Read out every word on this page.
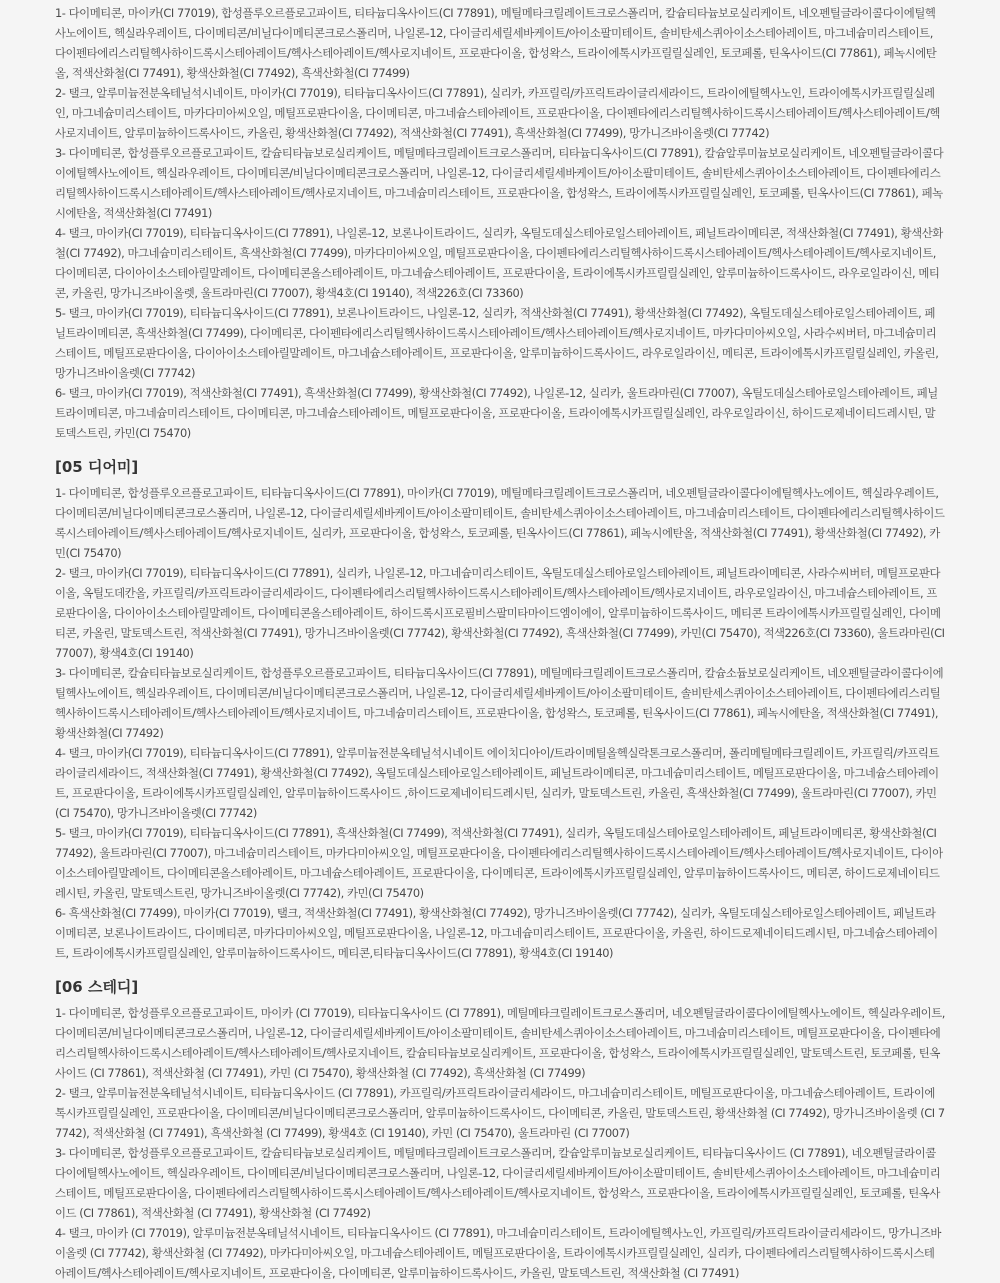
1- 다이메티콘, 마이카(CI 77019), 합성플루오르플로고파이트, 티타늄디옥사이드(CI 77891), 메틸메타크릴레이트크로스폴리머, 칼슘티타늄보로실리케이트, 네오펜틸글라이콜다이에틸헥사노에이트, 헥실라우레이트, 다이메티콘/비닐다이메티콘크로스폴리머, 나일론-12, 다이글리세릴세바케이트/아이소팔미테이트, 솔비탄세스퀴아이소스테아레이트, 마그네슘미리스테이트, 다이펜타에리스리틸헥사하이드록시스테아레이트/헥사스테아레이트/헥사로지네이트, 프로판다이올, 합성왁스, 트라이에톡시카프릴릴실레인, 토코페롤, 틴옥사이드(CI 77861), 페녹시에탄올, 적색산화철(CI 77491), 황색산화철(CI 77492), 흑색산화철(CI 77499)

2- 탤크, 알루미늄전분옥테닐석시네이트, 마이카(CI 77019), 티타늄디옥사이드(CI 77891), 실리카, 카프릴릭/카프릭트라이글리세라이드, 트라이에틸헥사노인, 트라이에톡시카프릴릴실레인, 마그네슘미리스테이트, 마카다미아씨오일, 메틸프로판다이올, 다이메티콘, 마그네슘스테아레이트, 프로판다이올, 다이펜타에리스리틸헥사하이드록시스테아레이트/헥사스테아레이트/헥사로지네이트, 알루미늄하이드록사이드, 카올린, 황색산화철(CI 77492), 적색산화철(CI 77491), 흑색산화철(CI 77499), 망가니즈바이올렛(CI 77742)

3- 다이메티콘, 합성플루오르플로고파이트, 칼슘티타늄보로실리케이트, 메틸메타크릴레이트크로스폴리머, 티타늄디옥사이드(CI 77891), 칼슘알루미늄보로실리케이트, 네오펜틸글라이콜다이에틸헥사노에이트, 헥실라우레이트, 다이메티콘/비닐다이메티콘크로스폴리머, 나일론-12, 다이글리세릴세바케이트/아이소팔미테이트, 솔비탄세스퀴아이소스테아레이트, 다이펜타에리스리틸헥사하이드록시스테아레이트/헥사스테아레이트/헥사로지네이트, 마그네슘미리스테이트, 프로판다이올, 합성왁스, 트라이에톡시카프릴릴실레인, 토코페롤, 틴옥사이드(CI 77861), 페녹시에탄올, 적색산화철(CI 77491)

4- 탤크, 마이카(CI 77019), 티타늄디옥사이드(CI 77891), 나일론-12, 보론나이트라이드, 실리카, 옥틸도데실스테아로일스테아레이트, 페닐트라이메티콘, 적색산화철(CI 77491), 황색산화철(CI 77492), 마그네슘미리스테이트, 흑색산화철(CI 77499), 마카다미아씨오일, 메틸프로판다이올, 다이펜타에리스리틸헥사하이드록시스테아레이트/헥사스테아레이트/헥사로지네이트, 다이메티콘, 다이아이소스테아릴말레이트, 다이메티콘올스테아레이트, 마그네슘스테아레이트, 프로판다이올, 트라이에톡시카프릴릴실레인, 알루미늄하이드록사이드, 라우로일라이신, 메티콘, 카올린, 망가니즈바이올렛, 울트라마린(CI 77007), 황색4호(CI 19140), 적색226호(CI 73360)

5- 탤크, 마이카(CI 77019), 티타늄디옥사이드(CI 77891), 보론나이트라이드, 나일론-12, 실리카, 적색산화철(CI 77491), 황색산화철(CI 77492), 옥틸도데실스테아로일스테아레이트, 페닐트라이메티콘, 흑색산화철(CI 77499), 다이메티콘, 다이펜타에리스리틸헥사하이드록시스테아레이트/헥사스테아레이트/헥사로지네이트, 마카다미아씨오일, 사라수씨버터, 마그네슘미리스테이트, 메틸프로판다이올, 다이아이소스테아릴말레이트, 마그네슘스테아레이트, 프로판다이올, 알루미늄하이드록사이드, 라우로일라이신, 메티콘, 트라이에톡시카프릴릴실레인, 카올린, 망가니즈바이올렛(CI 77742)

6- 탤크, 마이카(CI 77019), 적색산화철(CI 77491), 흑색산화철(CI 77499), 황색산화철(CI 77492), 나일론-12, 실리카, 울트라마린(CI 77007), 옥틸도데실스테아로일스테아레이트, 페닐트라이메티콘, 마그네슘미리스테이트, 다이메티콘, 마그네슘스테아레이트, 메틸프로판다이올, 프로판다이올, 트라이에톡시카프릴릴실레인, 라우로일라이신, 하이드로제네이티드레시틴, 말토덱스트린, 카민(CI 75470)

[05 디어미]

1- 다이메티콘, 합성플루오르플로고파이트, 티타늄디옥사이드(CI 77891), 마이카(CI 77019), 메틸메타크릴레이트크로스폴리머, 네오펜틸글라이콜다이에틸헥사노에이트, 헥실라우레이트, 다이메티콘/비닐다이메티콘크로스폴리머, 나일론-12, 다이글리세릴세바케이트/아이소팔미테이트, 솔비탄세스퀴아이소스테아레이트, 마그네슘미리스테이트, 다이펜타에리스리틸헥사하이드록시스테아레이트/헥사스테아레이트/헥사로지네이트, 실리카, 프로판다이올, 합성왁스, 토코페롤, 틴옥사이드(CI 77861), 페녹시에탄올, 적색산화철(CI 77491), 황색산화철(CI 77492), 카민(CI 75470)

2- 탤크, 마이카(CI 77019), 티타늄디옥사이드(CI 77891), 실리카, 나일론-12, 마그네슘미리스테이트, 옥틸도데실스테아로일스테아레이트, 페닐트라이메티콘, 사라수씨버터, 메틸프로판다이올, 옥틸도데칸올, 카프릴릭/카프릭트라이글리세라이드, 다이펜타에리스리틸헥사하이드록시스테아레이트/헥사스테아레이트/헥사로지네이트, 라우로일라이신, 마그네슘스테아레이트, 프로판다이올, 다이아이소스테아릴말레이트, 다이메티콘올스테아레이트, 하이드록시프로필비스팔미타마이드엠이에이, 알루미늄하이드록사이드, 메티콘 트라이에톡시카프릴릴실레인, 다이메티콘, 카올린, 말토덱스트린, 적색산화철(CI 77491), 망가니즈바이올렛(CI 77742), 황색산화철(CI 77492), 흑색산화철(CI 77499), 카민(CI 75470), 적색226호(CI 73360), 울트라마린(CI 77007), 황색4호(CI 19140)

3- 다이메티콘, 칼슘티타늄보로실리케이트, 합성플루오르플로고파이트, 티타늄디옥사이드(CI 77891), 메틸메타크릴레이트크로스폴리머, 칼슘소듐보로실리케이트, 네오펜틸글라이콜다이에틸헥사노에이트, 헥실라우레이트, 다이메티콘/비닐다이메티콘크로스폴리머, 나일론-12, 다이글리세릴세바케이트/아이소팔미테이트, 솔비탄세스퀴아이소스테아레이트, 다이펜타에리스리틸헥사하이드록시스테아레이트/헥사스테아레이트/헥사로지네이트, 마그네슘미리스테이트, 프로판다이올, 합성왁스, 토코페롤, 틴옥사이드(CI 77861), 페녹시에탄올, 적색산화철(CI 77491), 황색산화철(CI 77492)

4- 탤크, 마이카(CI 77019), 티타늄디옥사이드(CI 77891), 알루미늄전분옥테닐석시네이트 에이치디아이/트라이메틸올헥실락톤크로스폴리머, 폴리메틸메타크릴레이트, 카프릴릭/카프릭트라이글리세라이드, 적색산화철(CI 77491), 황색산화철(CI 77492), 옥틸도데실스테아로일스테아레이트, 페닐트라이메티콘, 마그네슘미리스테이트, 메틸프로판다이올, 마그네슘스테아레이트, 프로판다이올, 트라이에톡시카프릴릴실레인, 알루미늄하이드록사이드 ,하이드로제네이티드레시틴, 실리카, 말토덱스트린, 카올린, 흑색산화철(CI 77499), 울트라마린(CI 77007), 카민(CI 75470), 망가니즈바이올렛(CI 77742)

5- 탤크, 마이카(CI 77019), 티타늄디옥사이드(CI 77891), 흑색산화철(CI 77499), 적색산화철(CI 77491), 실리카, 옥틸도데실스테아로일스테아레이트, 페닐트라이메티콘, 황색산화철(CI 77492), 울트라마린(CI 77007), 마그네슘미리스테이트, 마카다미아씨오일, 메틸프로판다이올, 다이펜타에리스리틸헥사하이드록시스테아레이트/헥사스테아레이트/헥사로지네이트, 다이아이소스테아릴말레이트, 다이메티콘올스테아레이트, 마그네슘스테아레이트, 프로판다이올, 다이메티콘, 트라이에톡시카프릴릴실레인, 알루미늄하이드록사이드, 메티콘, 하이드로제네이티드레시틴, 카올린, 말토덱스트린, 망가니즈바이올렛(CI 77742), 카민(CI 75470)

6- 흑색산화철(CI 77499), 마이카(CI 77019), 탤크, 적색산화철(CI 77491), 황색산화철(CI 77492), 망가니즈바이올렛(CI 77742), 실리카, 옥틸도데실스테아로일스테아레이트, 페닐트라이메티콘, 보론나이트라이드, 다이메티콘, 마카다미아씨오일, 메틸프로판다이올, 나일론-12, 마그네슘미리스테이트, 프로판다이올, 카올린, 하이드로제네이티드레시틴, 마그네슘스테아레이트, 트라이에톡시카프릴릴실레인, 알루미늄하이드록사이드, 메티콘,티타늄디옥사이드(CI 77891), 황색4호(CI 19140)

[06 스테디]

1- 다이메티콘, 합성플루오르플로고파이트, 마이카 (CI 77019), 티타늄디옥사이드 (CI 77891), 메틸메타크릴레이트크로스폴리머, 네오펜틸글라이콜다이에틸헥사노에이트, 헥실라우레이트, 다이메티콘/비닐다이메티콘크로스폴리머, 나일론-12, 다이글리세릴세바케이트/아이소팔미테이트, 솔비탄세스퀴아이소스테아레이트, 마그네슘미리스테이트, 메틸프로판다이올, 다이펜타에리스리틸헥사하이드록시스테아레이트/헥사스테아레이트/헥사로지네이트, 칼슘티타늄보로실리케이트, 프로판다이올, 합성왁스, 트라이에톡시카프릴릴실레인, 말토덱스트린, 토코페롤, 틴옥사이드 (CI 77861), 적색산화철 (CI 77491), 카민 (CI 75470), 황색산화철 (CI 77492), 흑색산화철 (CI 77499)

2- 탤크, 알루미늄전분옥테닐석시네이트, 티타늄디옥사이드 (CI 77891), 카프릴릭/카프릭트라이글리세라이드, 마그네슘미리스테이트, 메틸프로판다이올, 마그네슘스테아레이트, 트라이에톡시카프릴릴실레인, 프로판다이올, 다이메티콘/비닐다이메티콘크로스폴리머, 알루미늄하이드록사이드, 다이메티콘, 카올린, 말토덱스트린, 황색산화철 (CI 77492), 망가니즈바이올렛 (CI 77742), 적색산화철 (CI 77491), 흑색산화철 (CI 77499), 황색4호 (CI 19140), 카민 (CI 75470), 울트라마린 (CI 77007)

3- 다이메티콘, 합성플루오르플로고파이트, 칼슘티타늄보로실리케이트, 메틸메타크릴레이트크로스폴리머, 칼슘알루미늄보로실리케이트, 티타늄디옥사이드 (CI 77891), 네오펜틸글라이콜다이에틸헥사노에이트, 헥실라우레이트, 다이메티콘/비닐다이메티콘크로스폴리머, 나일론-12, 다이글리세릴세바케이트/아이소팔미테이트, 솔비탄세스퀴아이소스테아레이트, 마그네슘미리스테이트, 메틸프로판다이올, 다이펜타에리스리틸헥사하이드록시스테아레이트/헥사스테아레이트/헥사로지네이트, 합성왁스, 프로판다이올, 트라이에톡시카프릴릴실레인, 토코페롤, 틴옥사이드 (CI 77861), 적색산화철 (CI 77491), 황색산화철 (CI 77492)

4- 탤크, 마이카 (CI 77019), 알루미늄전분옥테닐석시네이트, 티타늄디옥사이드 (CI 77891), 마그네슘미리스테이트, 트라이에틸헥사노인, 카프릴릭/카프릭트라이글리세라이드, 망가니즈바이올렛 (CI 77742), 황색산화철 (CI 77492), 마카다미아씨오일, 마그네슘스테아레이트, 메틸프로판다이올, 트라이에톡시카프릴릴실레인, 실리카, 다이펜타에리스리틸헥사하이드록시스테아레이트/헥사스테아레이트/헥사로지네이트, 프로판다이올, 다이메티콘, 알루미늄하이드록사이드, 카올린, 말토덱스트린, 적색산화철 (CI 77491)
